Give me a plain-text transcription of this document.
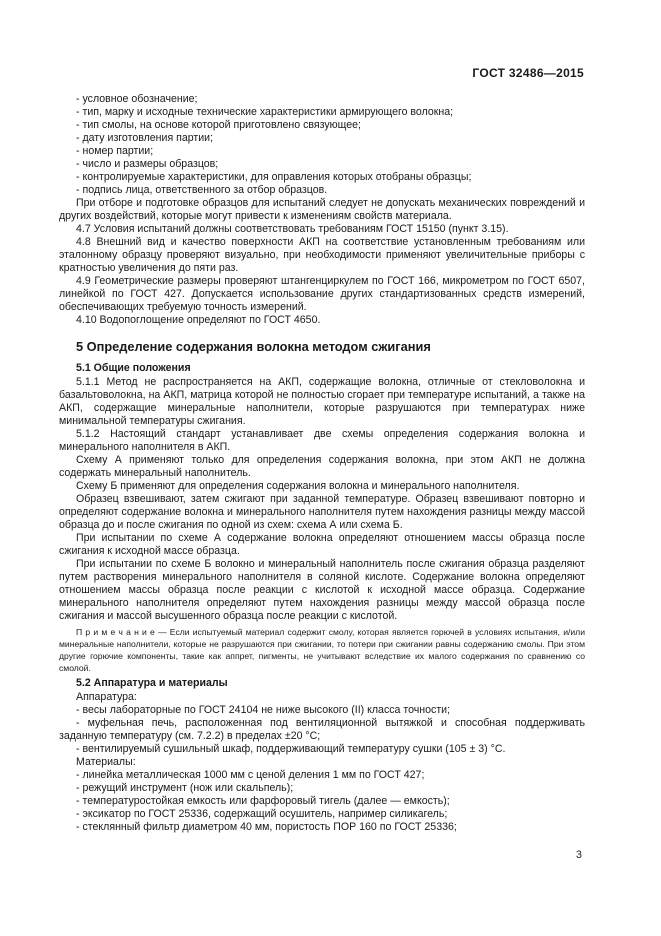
ГОСТ 32486—2015

- условное обозначение;

- тип, марку и исходные технические характеристики армирующего волокна;

- тип смолы, на основе которой приготовлено связующее;

- дату изготовления партии;

- номер партии;

- число и размеры образцов;

- контролируемые характеристики, для оправления которых отобраны образцы;

- подпись лица, ответственного за отбор образцов.

При отборе и подготовке образцов для испытаний следует не допускать механических повреждений и других воздействий, которые могут привести к изменениям свойств материала.

4.7 Условия испытаний должны соответствовать требованиям ГОСТ 15150 (пункт 3.15).

4.8 Внешний вид и качество поверхности АКП на соответствие установленным требованиям или эталонному образцу проверяют визуально, при необходимости применяют увеличительные приборы с кратностью увеличения до пяти раз.

4.9 Геометрические размеры проверяют штангенциркулем по ГОСТ 166, микрометром по ГОСТ 6507, линейкой по ГОСТ 427. Допускается использование других стандартизованных средств измерений, обеспечивающих требуемую точность измерений.

4.10 Водопоглощение определяют по ГОСТ 4650.

5 Определение содержания волокна методом сжигания
5.1 Общие положения

5.1.1 Метод не распространяется на АКП, содержащие волокна, отличные от стекловолокна и базальтоволокна, на АКП, матрица которой не полностью сгорает при температуре испытаний, а также на АКП, содержащие минеральные наполнители, которые разрушаются при температурах ниже минимальной температуры сжигания.

5.1.2 Настоящий стандарт устанавливает две схемы определения содержания волокна и минерального наполнителя в АКП.

Схему А применяют только для определения содержания волокна, при этом АКП не должна содержать минеральный наполнитель.

Схему Б применяют для определения содержания волокна и минерального наполнителя.

Образец взвешивают, затем сжигают при заданной температуре. Образец взвешивают повторно и определяют содержание волокна и минерального наполнителя путем нахождения разницы между массой образца до и после сжигания по одной из схем: схема А или схема Б.

При испытании по схеме А содержание волокна определяют отношением массы образца после сжигания к исходной массе образца.

При испытании по схеме Б волокно и минеральный наполнитель после сжигания образца разделяют путем растворения минерального наполнителя в соляной кислоте. Содержание волокна определяют отношением массы образца после реакции с кислотой к исходной массе образца. Содержание минерального наполнителя определяют путем нахождения разницы между массой образца после сжигания и массой высушенного образца после реакции с кислотой.

П р и м е ч а н и е — Если испытуемый материал содержит смолу, которая является горючей в условиях испытания, и/или минеральные наполнители, которые не разрушаются при сжигании, то потери при сжигании равны содержанию смолы. При этом другие горючие компоненты, такие как аппрет, пигменты, не учитывают вследствие их малого содержания по сравнению со смолой.

5.2 Аппаратура и материалы

Аппаратура:

- весы лабораторные по ГОСТ 24104 не ниже высокого (II) класса точности;

- муфельная печь, расположенная под вентиляционной вытяжкой и способная поддерживать заданную температуру (см. 7.2.2) в пределах ±20 °С;

- вентилируемый сушильный шкаф, поддерживающий температуру сушки (105 ± 3) °С.

Материалы:

- линейка металлическая 1000 мм с ценой деления 1 мм по ГОСТ 427;

- режущий инструмент (нож или скальпель);

- температуростойкая емкость или фарфоровый тигель (далее — емкость);

- эксикатор по ГОСТ 25336, содержащий осушитель, например силикагель;

- стеклянный фильтр диаметром 40 мм, пористость ПОР 160 по ГОСТ 25336;

3
